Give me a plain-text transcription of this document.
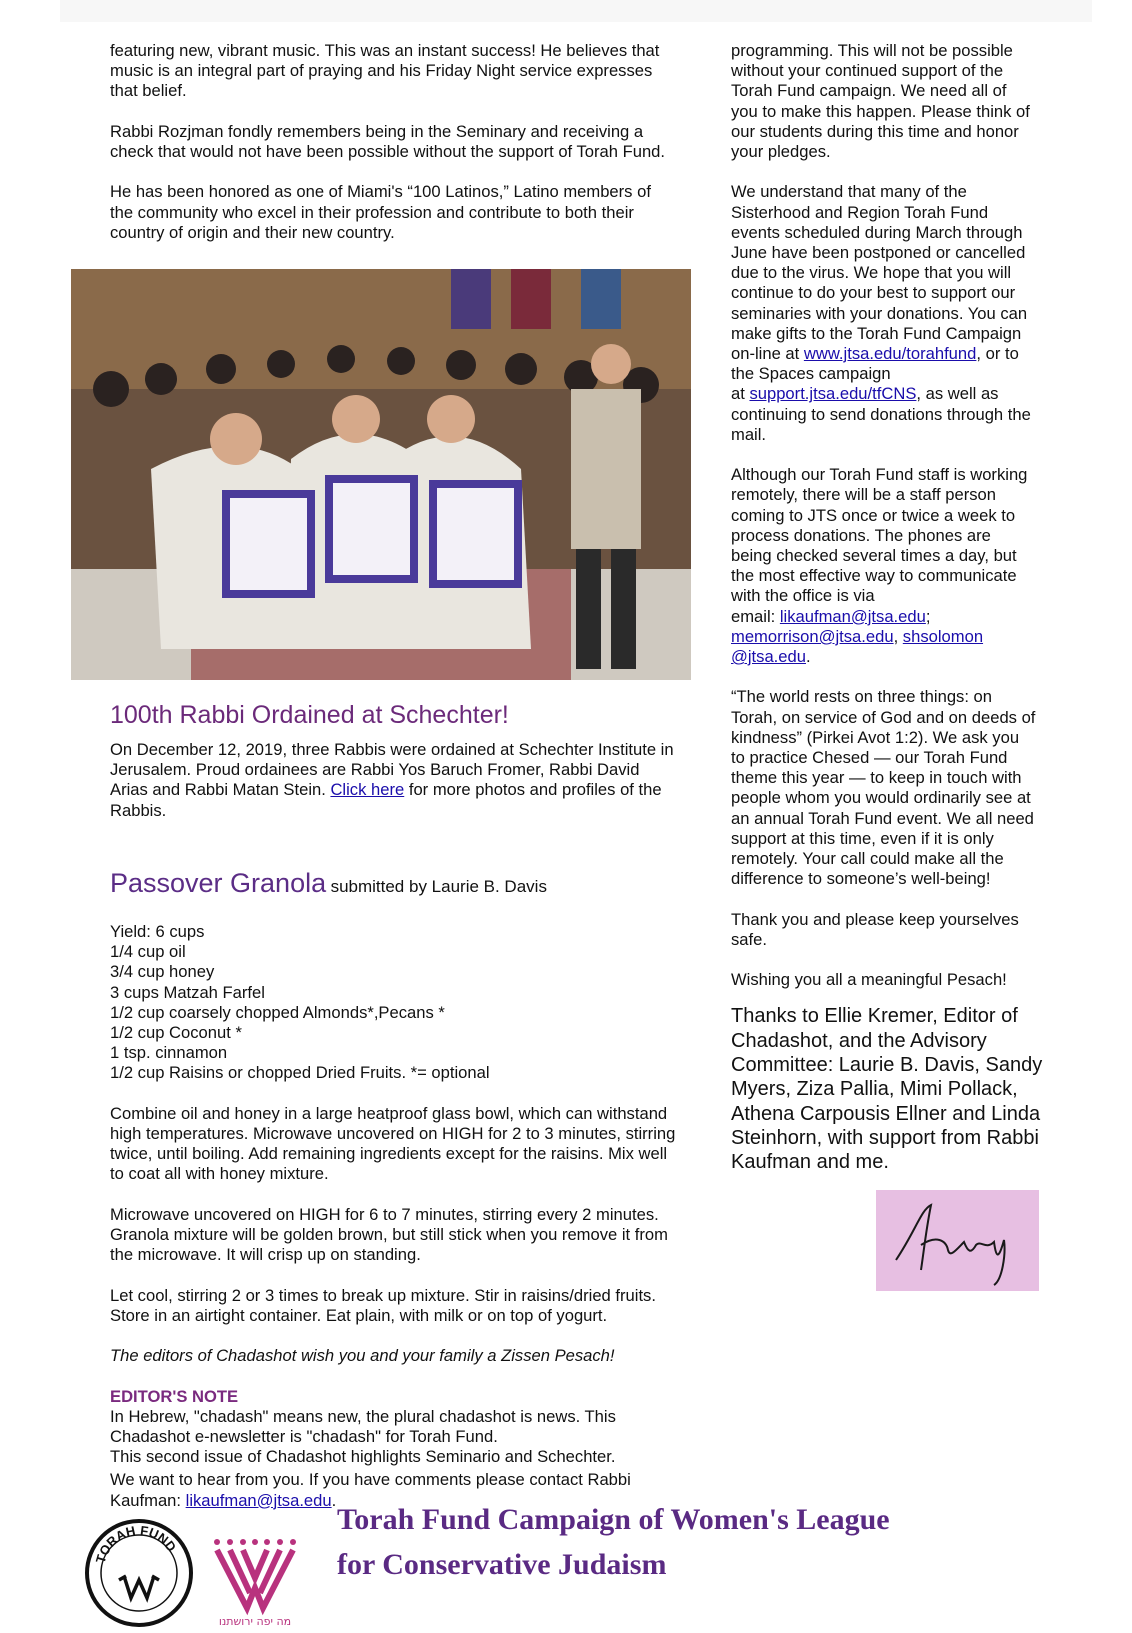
featuring new, vibrant music. This was an instant success! He believes that
music is an integral part of praying and his Friday Night service expresses
that belief.

Rabbi Rozjman fondly remembers being in the Seminary and receiving a
check that would not have been possible without the support of Torah Fund.

He has been honored as one of Miami's “100 Latinos,” Latino members of
the community who excel in their profession and contribute to both their
country of origin and their new country.

100th Rabbi Ordained at Schechter!
On December 12, 2019, three Rabbis were ordained at Schechter Institute in
Jerusalem. Proud ordainees are Rabbi Yos Baruch Fromer, Rabbi David
Arias and Rabbi Matan Stein. Click here for more photos and profiles of the
Rabbis.
Passover Granola submitted by Laurie B. Davis
Yield: 6 cups
1/4 cup oil
3/4 cup honey
3 cups Matzah Farfel
1/2 cup coarsely chopped Almonds*,Pecans *
1/2 cup Coconut *
1 tsp. cinnamon
1/2 cup Raisins or chopped Dried Fruits. *= optional

Combine oil and honey in a large heatproof glass bowl, which can withstand
high temperatures. Microwave uncovered on HIGH for 2 to 3 minutes, stirring
twice, until boiling. Add remaining ingredients except for the raisins. Mix well
to coat all with honey mixture.

Microwave uncovered on HIGH for 6 to 7 minutes, stirring every 2 minutes.
Granola mixture will be golden brown, but still stick when you remove it from
the microwave. It will crisp up on standing.

Let cool, stirring 2 or 3 times to break up mixture. Stir in raisins/dried fruits.
Store in an airtight container. Eat plain, with milk or on top of yogurt.

The editors of Chadashot wish you and your family a Zissen Pesach!

EDITOR'S NOTE
In Hebrew, "chadash" means new, the plural chadashot is news. This
Chadashot e-newsletter is "chadash" for Torah Fund.
This second issue of Chadashot highlights Seminario and Schechter.
We want to hear from you. If you have comments please contact Rabbi
Kaufman: likaufman@jtsa.edu.

programming. This will not be possible
without your continued support of the
Torah Fund campaign. We need all of
you to make this happen. Please think of
our students during this time and honor
your pledges.

We understand that many of the
Sisterhood and Region Torah Fund
events scheduled during March through
June have been postponed or cancelled
due to the virus. We hope that you will
continue to do your best to support our
seminaries with your donations. You can
make gifts to the Torah Fund Campaign
on-line at www.jtsa.edu/torahfund, or to
the Spaces campaign
at support.jtsa.edu/tfCNS, as well as
continuing to send donations through the
mail.

Although our Torah Fund staff is working
remotely, there will be a staff person
coming to JTS once or twice a week to
process donations. The phones are
being checked several times a day, but
the most effective way to communicate
with the office is via
email: likaufman@jtsa.edu;
memorrison@jtsa.edu, shsolomon
@jtsa.edu.

“The world rests on three things: on
Torah, on service of God and on deeds of
kindness” (Pirkei Avot 1:2). We ask you
to practice Chesed — our Torah Fund
theme this year — to keep in touch with
people whom you would ordinarily see at
an annual Torah Fund event. We all need
support at this time, even if it is only
remotely. Your call could make all the
difference to someone’s well-being!

Thank you and please keep yourselves
safe.

Wishing you all a meaningful Pesach!

Thanks to Ellie Kremer, Editor of
Chadashot, and the Advisory
Committee: Laurie B. Davis, Sandy
Myers, Ziza Pallia, Mimi Pollack,
Athena Carpousis Ellner and Linda
Steinhorn, with support from Rabbi
Kaufman and me.
TORAH FUND
מה יפה ירושתנו
Torah Fund Campaign of Women's League
for Conservative Judaism
